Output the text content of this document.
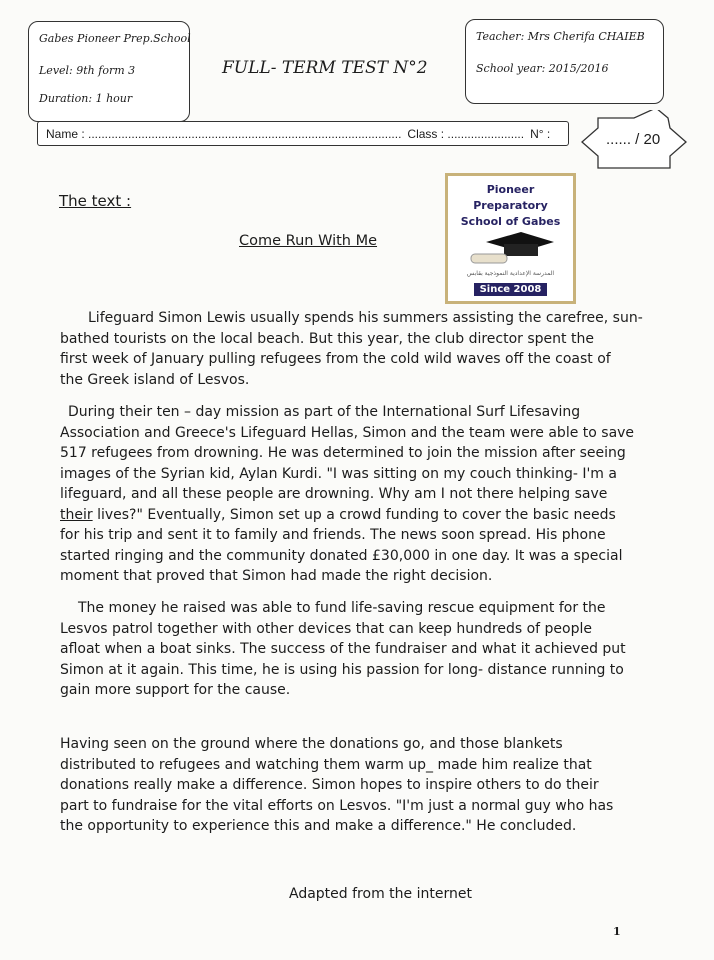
Gabes Pioneer Prep.School
Level: 9th form 3
Duration: 1 hour
FULL- TERM TEST N°2
Teacher: Mrs Cherifa CHAIEB
School year: 2015/2016
Name : .............................................................................................. Class : ....................... N° :	...... / 20
The text :
Come Run With Me
Pioneer Preparatory
School of Gabes
المدرسة الإعدادية النموذجية بقابس
Since 2008
Lifeguard Simon Lewis usually spends his summers assisting the carefree, sun-
bathed tourists on the local beach. But this year, the club director spent the
first week of January pulling refugees from the cold wild waves off the coast of
the Greek island of Lesvos.
During their ten – day mission as part of the International Surf Lifesaving
Association and Greece's Lifeguard Hellas, Simon and the team were able to save
517 refugees from drowning. He was determined to join the mission after seeing
images of the Syrian kid, Aylan Kurdi. "I was sitting on my couch thinking- I'm a
lifeguard, and all these people are drowning. Why am I not there helping save
their lives?" Eventually, Simon set up a crowd funding to cover the basic needs
for his trip and sent it to family and friends. The news soon spread. His phone
started ringing and the community donated £30,000 in one day. It was a special
moment that proved that Simon had made the right decision.
The money he raised was able to fund life-saving rescue equipment for the
Lesvos patrol together with other devices that can keep hundreds of people
afloat when a boat sinks. The success of the fundraiser and what it achieved put
Simon at it again. This time, he is using his passion for long- distance running to
gain more support for the cause.
Having seen on the ground where the donations go, and those blankets
distributed to refugees and watching them warm up_ made him realize that
donations really make a difference. Simon hopes to inspire others to do their
part to fundraise for the vital efforts on Lesvos. "I'm just a normal guy who has
the opportunity to experience this and make a difference." He concluded.
Adapted from the internet
1
